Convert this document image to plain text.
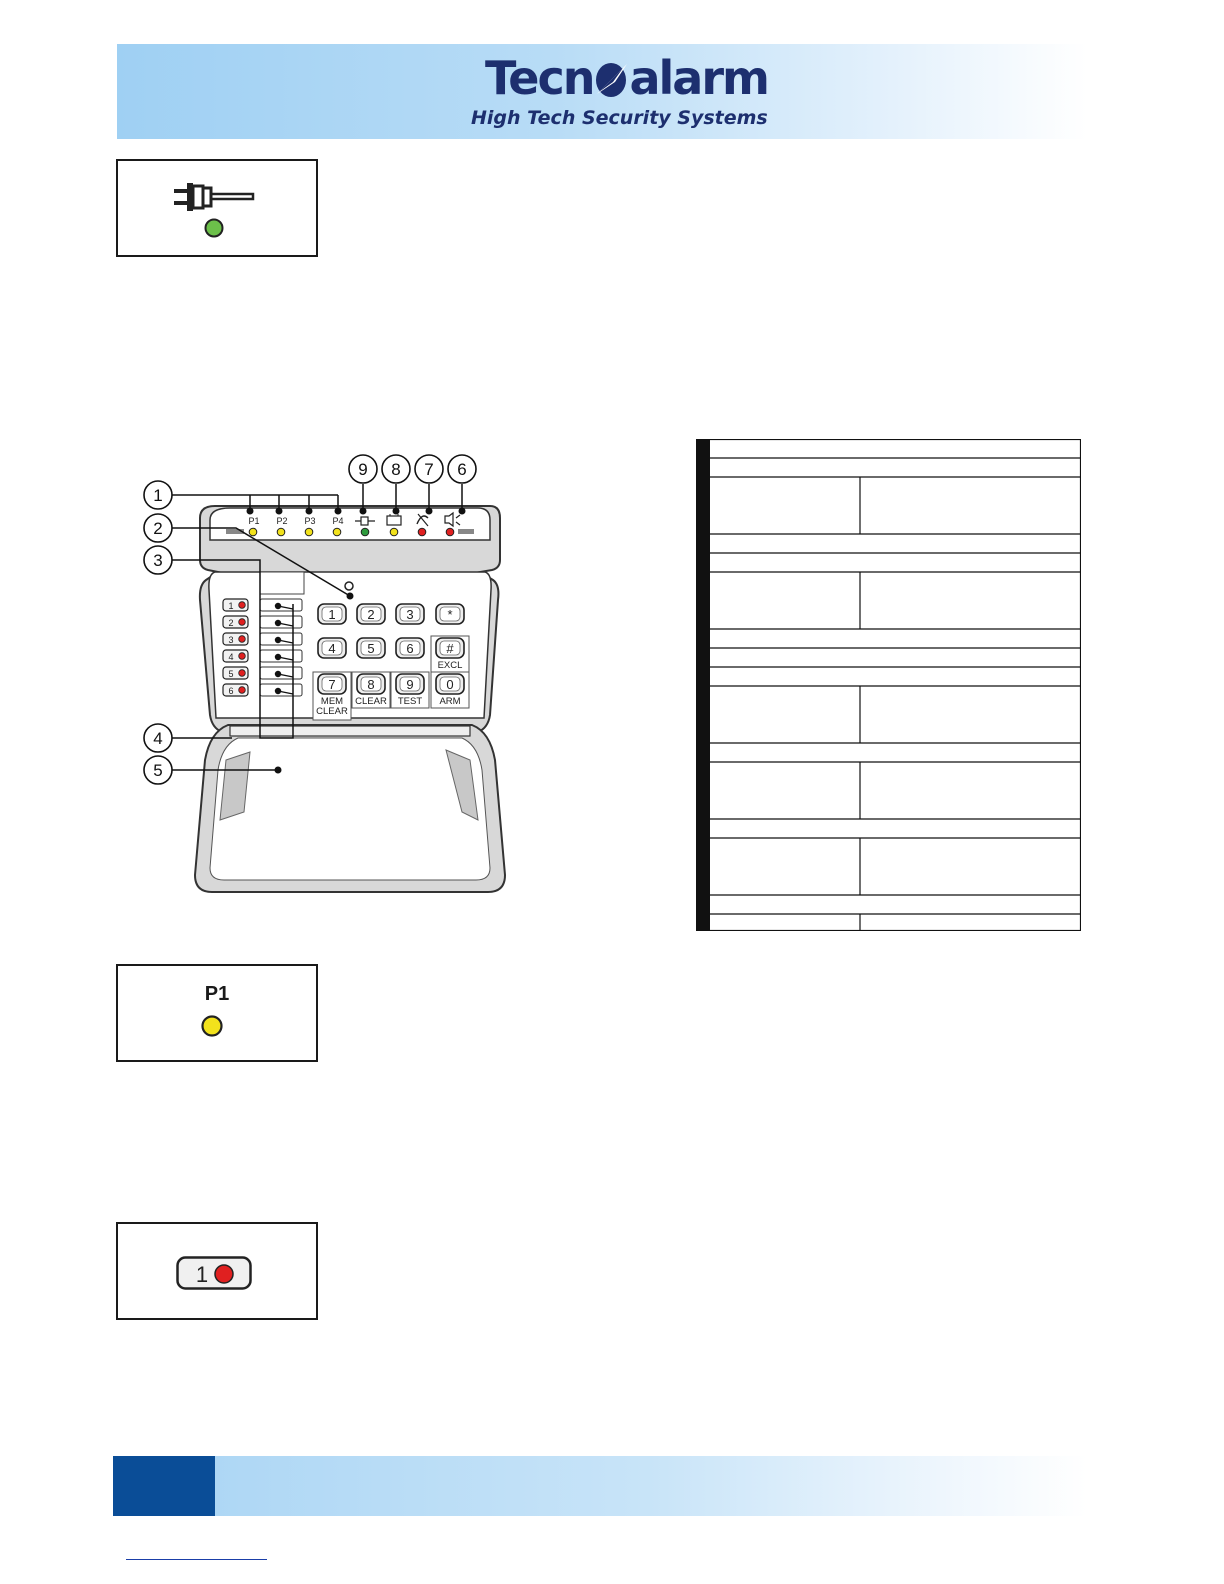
Tecn alarm
High Tech Security Systems
P1 P2 P3 P4
1
2
3
4
5
6
1 2 3	*
4 5 6	#
EXCL
7
MEM
CLEAR
8
CLEAR
9
TEST
0
ARM
1
2
3
4
5
6
7
8
9
P1
1
